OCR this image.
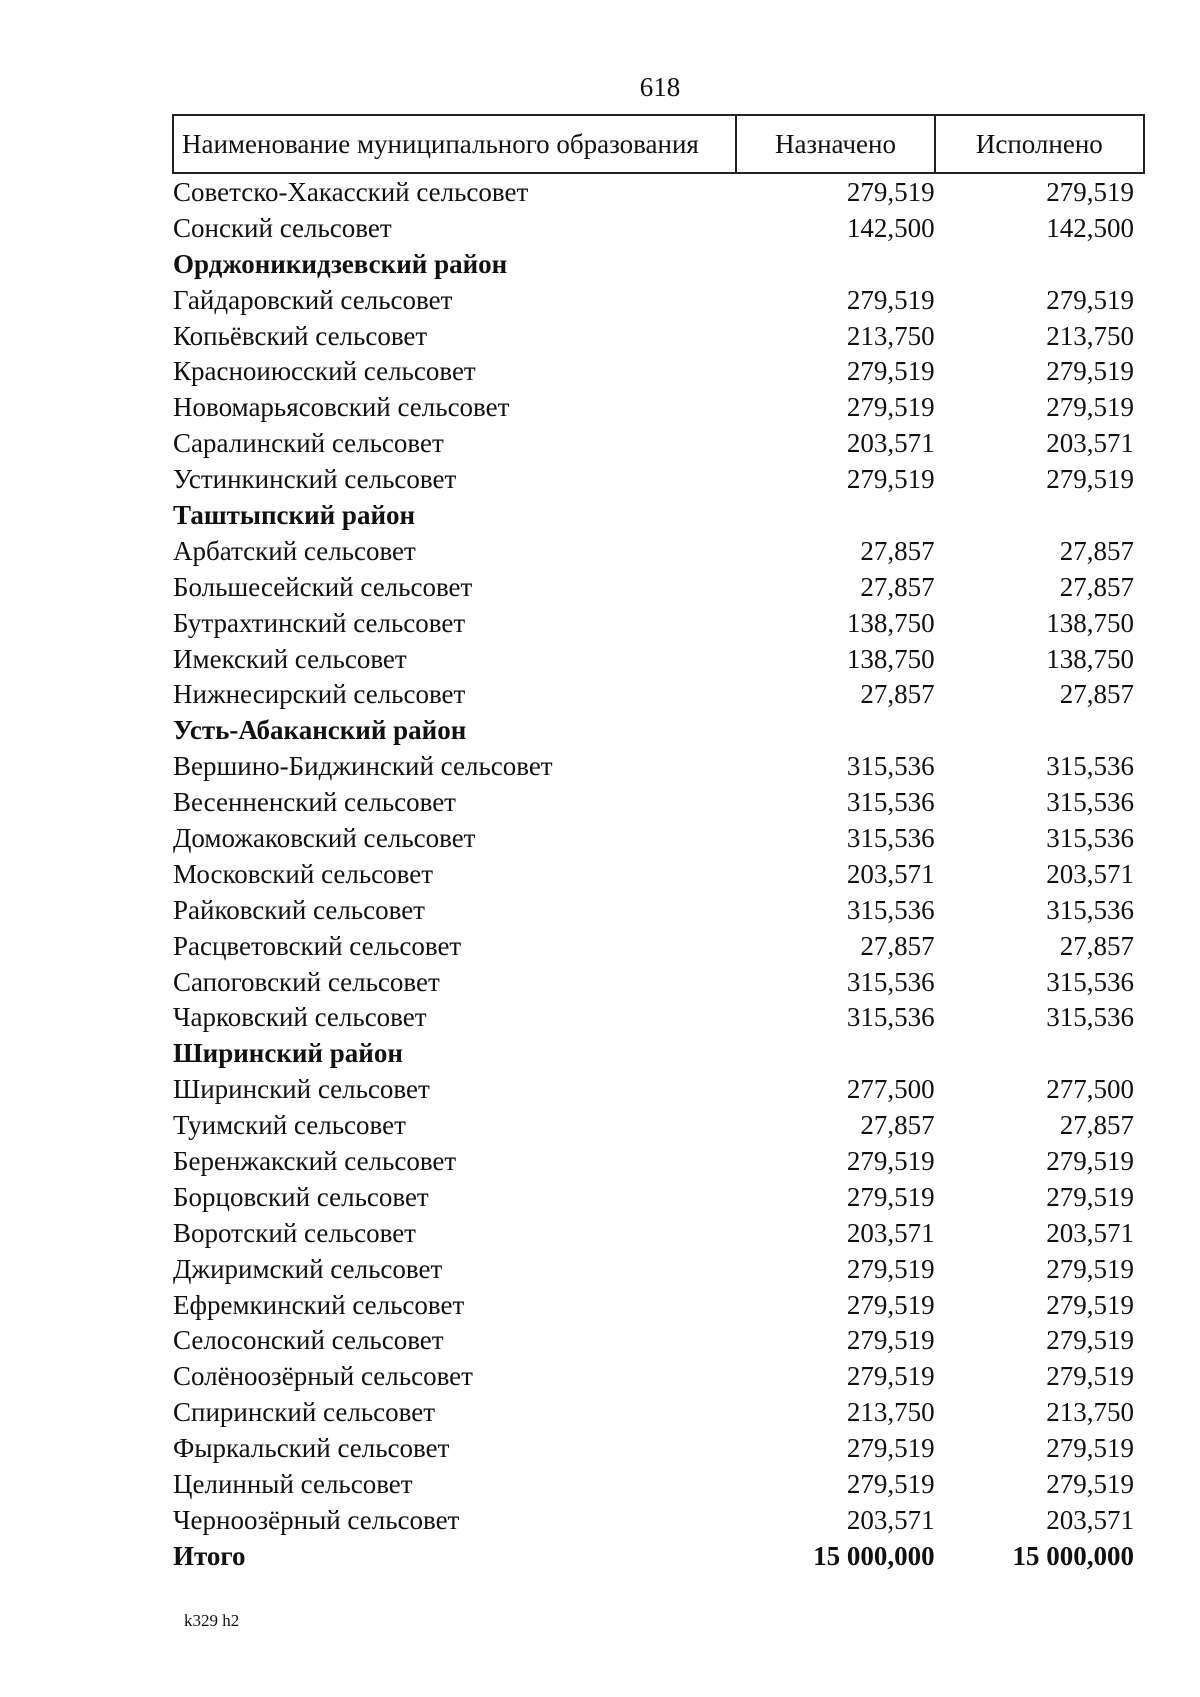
618
Наименование муниципального образования	Назначено	Исполнено
Советско-Хакасский сельсовет	279,519	279,519
Сонский сельсовет	142,500	142,500
Орджоникидзевский район		
Гайдаровский сельсовет	279,519	279,519
Копьёвский сельсовет	213,750	213,750
Красноиюсский сельсовет	279,519	279,519
Новомарьясовский сельсовет	279,519	279,519
Саралинский сельсовет	203,571	203,571
Устинкинский сельсовет	279,519	279,519
Таштыпский район		
Арбатский сельсовет	27,857	27,857
Большесейский сельсовет	27,857	27,857
Бутрахтинский сельсовет	138,750	138,750
Имекский сельсовет	138,750	138,750
Нижнесирский сельсовет	27,857	27,857
Усть-Абаканский район		
Вершино-Биджинский сельсовет	315,536	315,536
Весенненский сельсовет	315,536	315,536
Доможаковский сельсовет	315,536	315,536
Московский сельсовет	203,571	203,571
Райковский сельсовет	315,536	315,536
Расцветовский сельсовет	27,857	27,857
Сапоговский сельсовет	315,536	315,536
Чарковский сельсовет	315,536	315,536
Ширинский район		
Ширинский сельсовет	277,500	277,500
Туимский сельсовет	27,857	27,857
Беренжакский сельсовет	279,519	279,519
Борцовский сельсовет	279,519	279,519
Воротский сельсовет	203,571	203,571
Джиримский сельсовет	279,519	279,519
Ефремкинский сельсовет	279,519	279,519
Селосонский сельсовет	279,519	279,519
Солёноозёрный сельсовет	279,519	279,519
Спиринский сельсовет	213,750	213,750
Фыркальский сельсовет	279,519	279,519
Целинный сельсовет	279,519	279,519
Черноозёрный сельсовет	203,571	203,571
Итого	15 000,000	15 000,000
k329 h2
